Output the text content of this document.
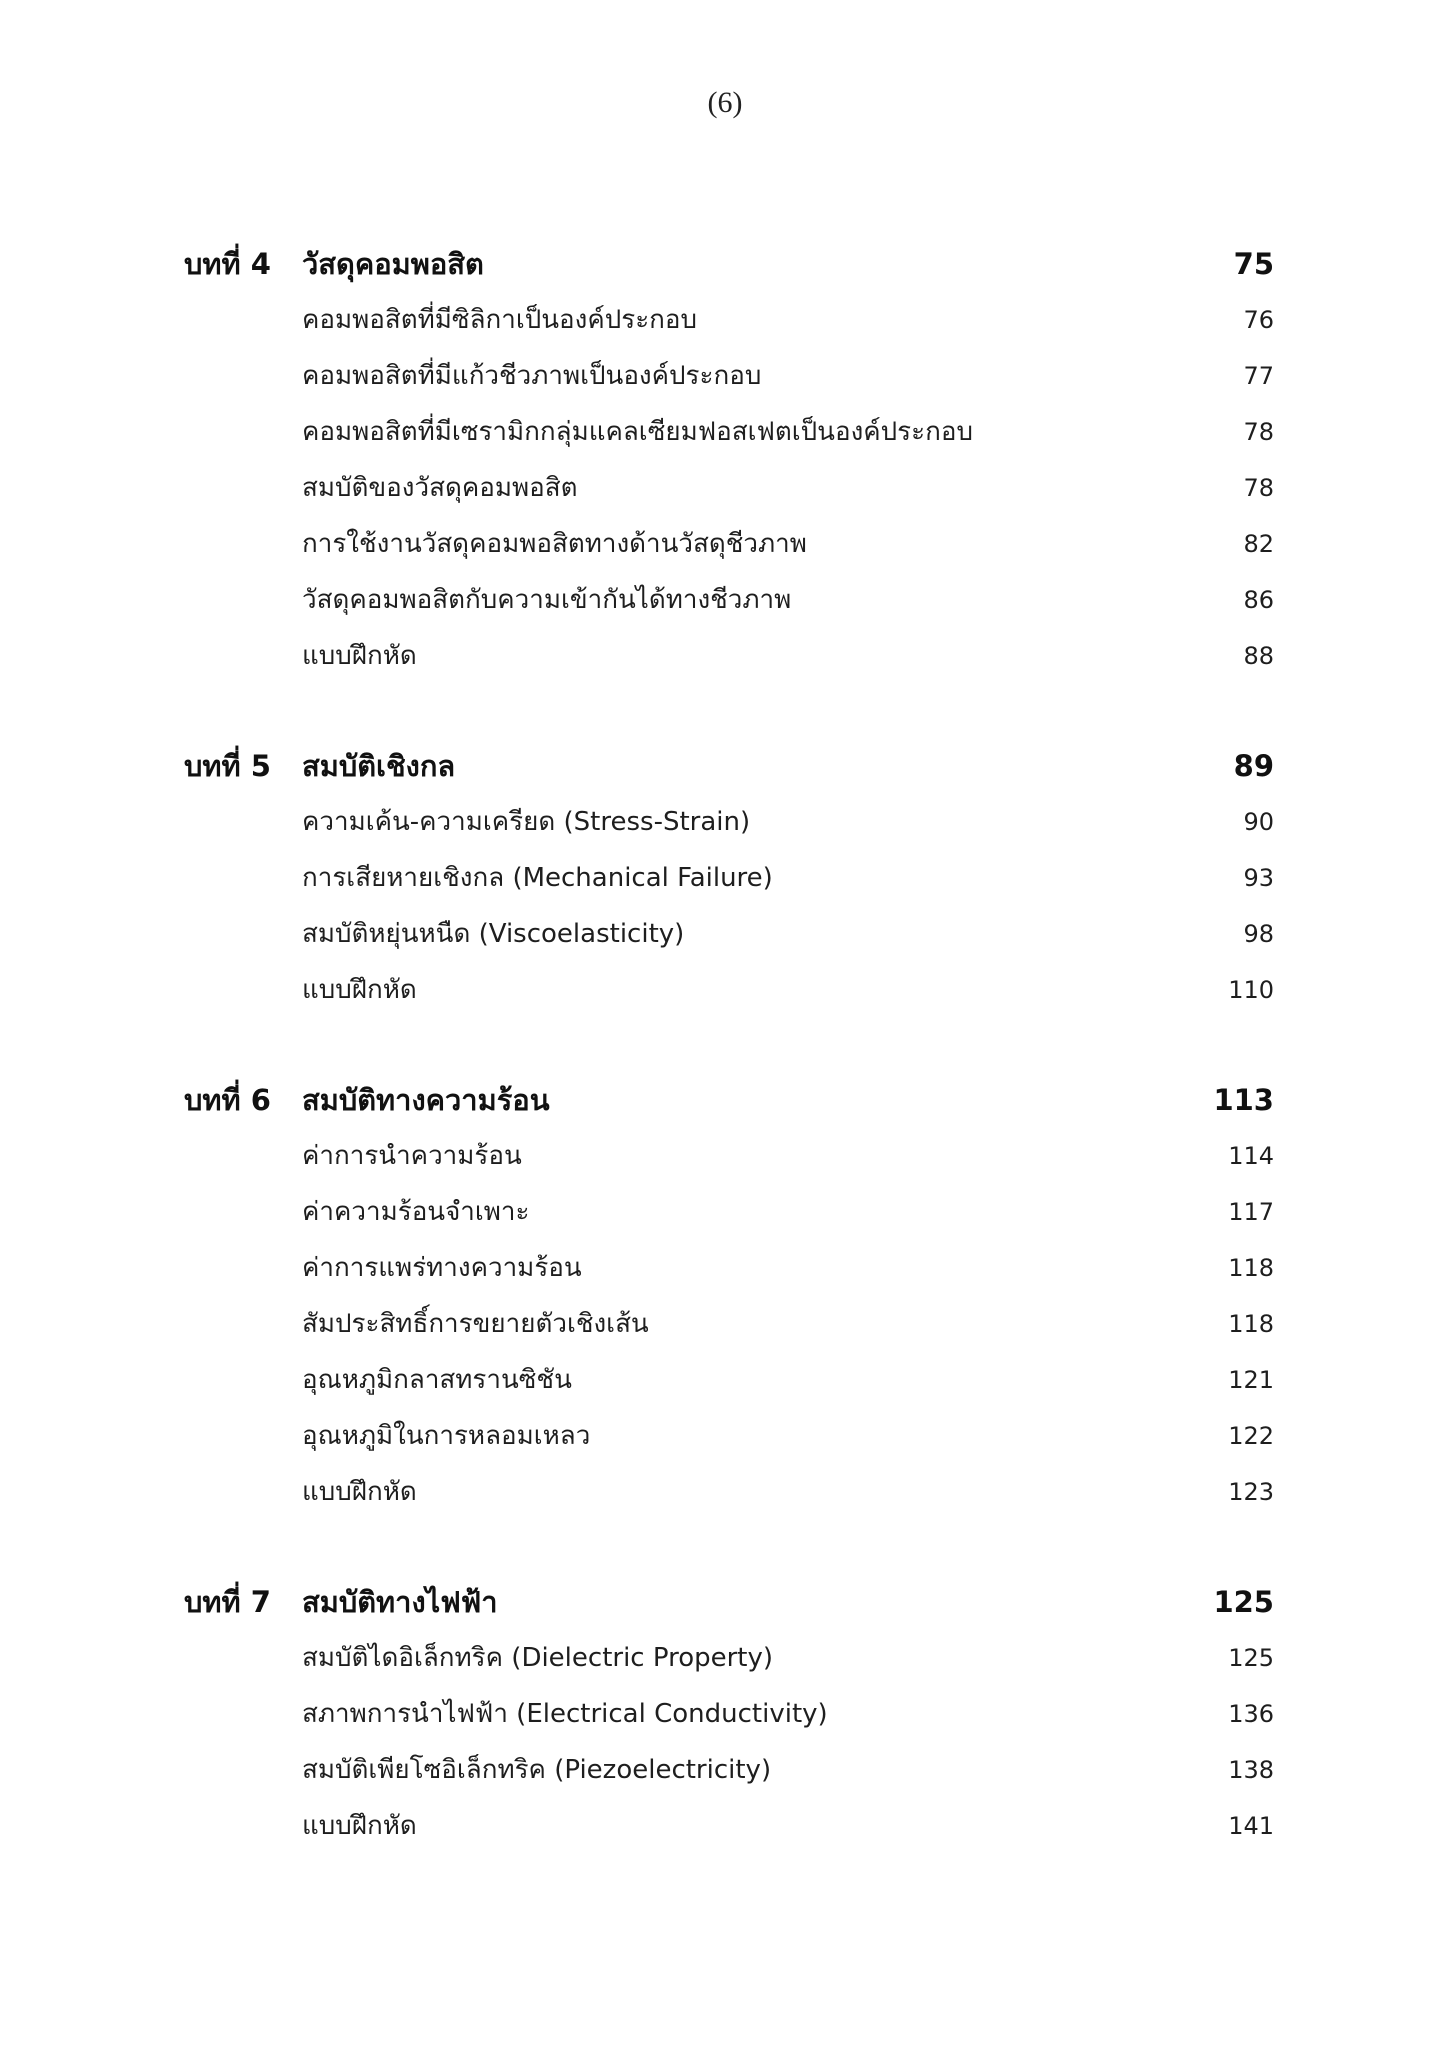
(6)
บทที่ 4 วัสดุคอมพอสิต	75
คอมพอสิตที่มีซิลิกาเป็นองค์ประกอบ	76
คอมพอสิตที่มีแก้วชีวภาพเป็นองค์ประกอบ	77
คอมพอสิตที่มีเซรามิกกลุ่มแคลเซียมฟอสเฟตเป็นองค์ประกอบ	78
สมบัติของวัสดุคอมพอสิต	78
การใช้งานวัสดุคอมพอสิตทางด้านวัสดุชีวภาพ	82
วัสดุคอมพอสิตกับความเข้ากันได้ทางชีวภาพ	86
แบบฝึกหัด	88
บทที่ 5 สมบัติเชิงกล	89
ความเค้น-ความเครียด (Stress-Strain)	90
การเสียหายเชิงกล (Mechanical Failure)	93
สมบัติหยุ่นหนืด (Viscoelasticity)	98
แบบฝึกหัด	110
บทที่ 6 สมบัติทางความร้อน	113
ค่าการนำความร้อน	114
ค่าความร้อนจำเพาะ	117
ค่าการแพร่ทางความร้อน	118
สัมประสิทธิ์การขยายตัวเชิงเส้น	118
อุณหภูมิกลาสทรานซิชัน	121
อุณหภูมิในการหลอมเหลว	122
แบบฝึกหัด	123
บทที่ 7 สมบัติทางไฟฟ้า	125
สมบัติไดอิเล็กทริค (Dielectric Property)	125
สภาพการนำไฟฟ้า (Electrical Conductivity)	136
สมบัติเพียโซอิเล็กทริค (Piezoelectricity)	138
แบบฝึกหัด	141
